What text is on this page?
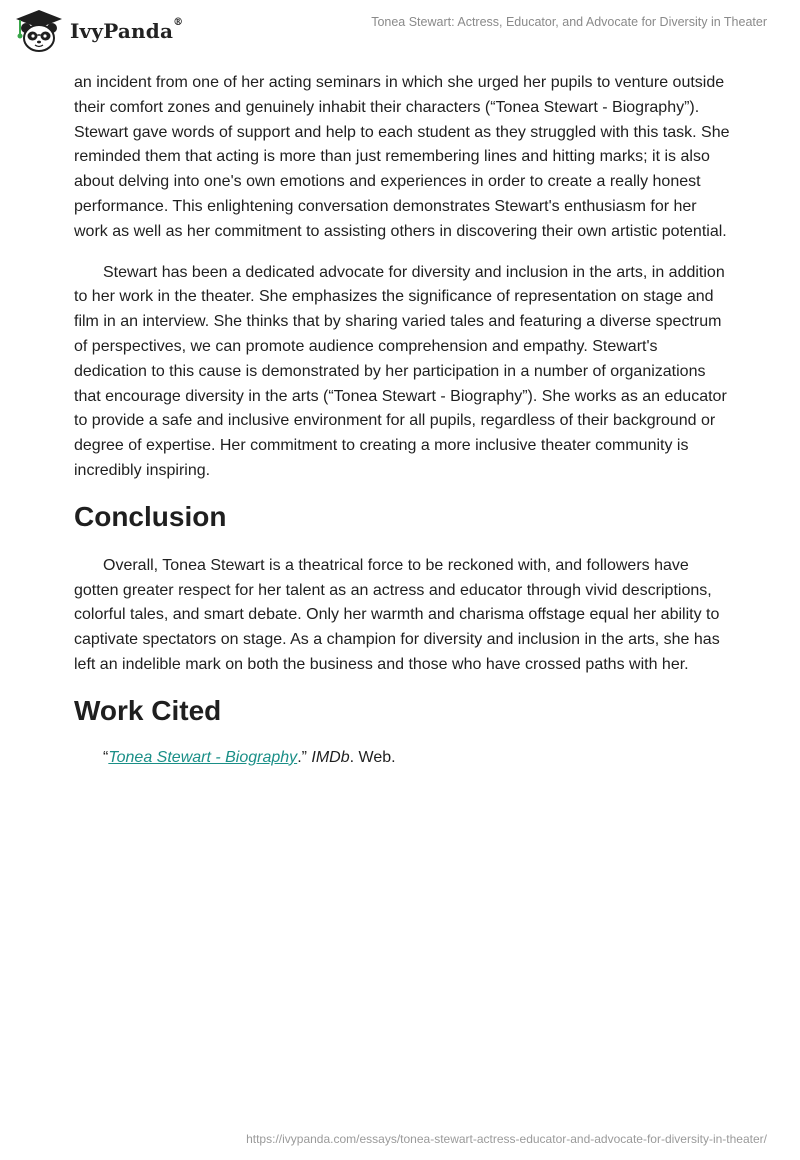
IvyPanda®	Tonea Stewart: Actress, Educator, and Advocate for Diversity in Theater

an incident from one of her acting seminars in which she urged her pupils to venture outside their comfort zones and genuinely inhabit their characters (“Tonea Stewart - Biography”). Stewart gave words of support and help to each student as they struggled with this task. She reminded them that acting is more than just remembering lines and hitting marks; it is also about delving into one's own emotions and experiences in order to create a really honest performance. This enlightening conversation demonstrates Stewart's enthusiasm for her work as well as her commitment to assisting others in discovering their own artistic potential.

Stewart has been a dedicated advocate for diversity and inclusion in the arts, in addition to her work in the theater. She emphasizes the significance of representation on stage and film in an interview. She thinks that by sharing varied tales and featuring a diverse spectrum of perspectives, we can promote audience comprehension and empathy. Stewart's dedication to this cause is demonstrated by her participation in a number of organizations that encourage diversity in the arts (“Tonea Stewart - Biography”). She works as an educator to provide a safe and inclusive environment for all pupils, regardless of their background or degree of expertise. Her commitment to creating a more inclusive theater community is incredibly inspiring.

Conclusion

Overall, Tonea Stewart is a theatrical force to be reckoned with, and followers have gotten greater respect for her talent as an actress and educator through vivid descriptions, colorful tales, and smart debate. Only her warmth and charisma offstage equal her ability to captivate spectators on stage. As a champion for diversity and inclusion in the arts, she has left an indelible mark on both the business and those who have crossed paths with her.

Work Cited

“Tonea Stewart - Biography.” IMDb. Web.

https://ivypanda.com/essays/tonea-stewart-actress-educator-and-advocate-for-diversity-in-theater/
